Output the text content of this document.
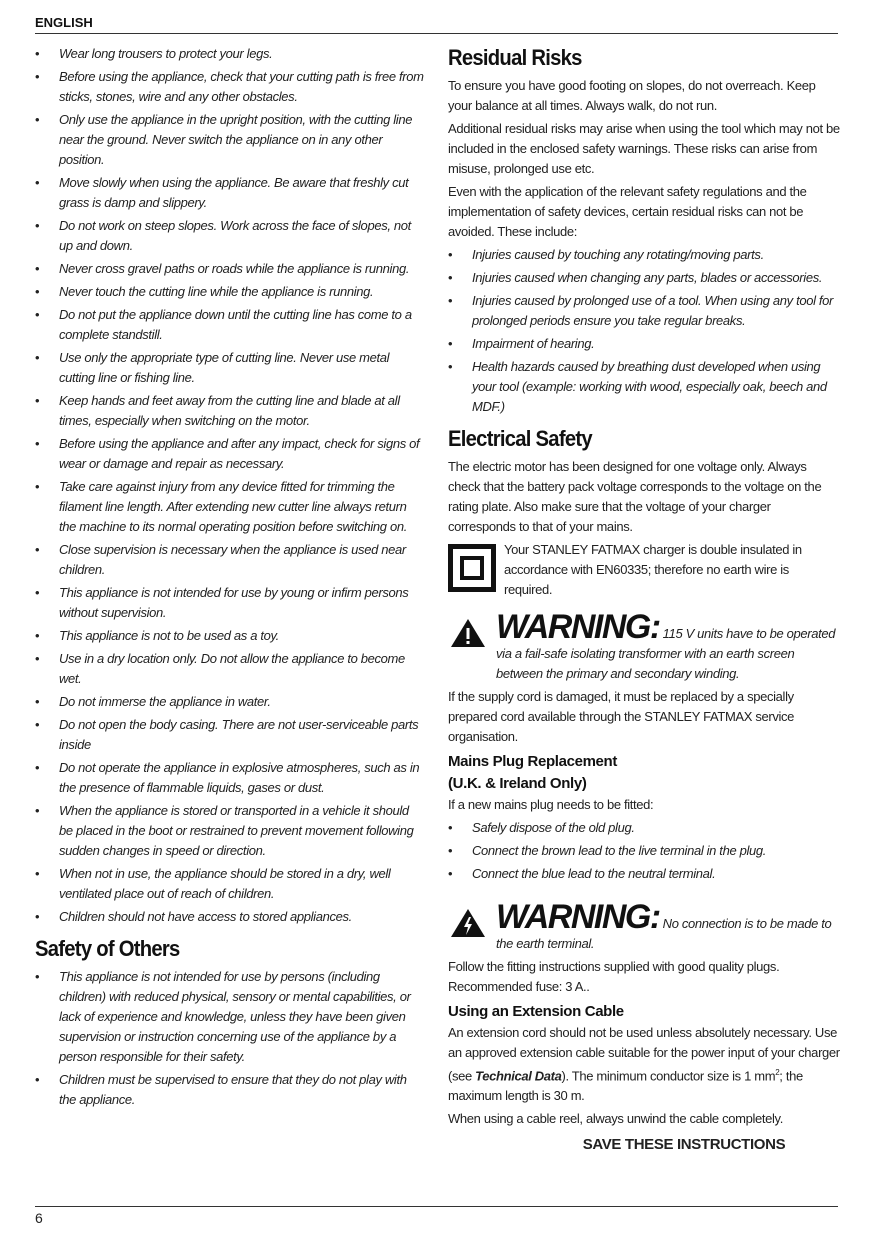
ENGLISH
• Wear long trousers to protect your legs.
• Before using the appliance, check that your cutting path is free from sticks, stones, wire and any other obstacles.
• Only use the appliance in the upright position, with the cutting line near the ground. Never switch the appliance on in any other position.
• Move slowly when using the appliance. Be aware that freshly cut grass is damp and slippery.
• Do not work on steep slopes. Work across the face of slopes, not up and down.
• Never cross gravel paths or roads while the appliance is running.
• Never touch the cutting line while the appliance is running.
• Do not put the appliance down until the cutting line has come to a complete standstill.
• Use only the appropriate type of cutting line. Never use metal cutting line or fishing line.
• Keep hands and feet away from the cutting line and blade at all times, especially when switching on the motor.
• Before using the appliance and after any impact, check for signs of wear or damage and repair as necessary.
• Take care against injury from any device fitted for trimming the filament line length. After extending new cutter line always return the machine to its normal operating position before switching on.
• Close supervision is necessary when the appliance is used near children.
• This appliance is not intended for use by young or infirm persons without supervision.
• This appliance is not to be used as a toy.
• Use in a dry location only. Do not allow the appliance to become wet.
• Do not immerse the appliance in water.
• Do not open the body casing. There are not user-serviceable parts inside
• Do not operate the appliance in explosive atmospheres, such as in the presence of flammable liquids, gases or dust.
• When the appliance is stored or transported in a vehicle it should be placed in the boot or restrained to prevent movement following sudden changes in speed or direction.
• When not in use, the appliance should be stored in a dry, well ventilated place out of reach of children.
• Children should not have access to stored appliances.
Safety of Others
• This appliance is not intended for use by persons (including children) with reduced physical, sensory or mental capabilities, or lack of experience and knowledge, unless they have been given supervision or instruction concerning use of the appliance by a person responsible for their safety.
• Children must be supervised to ensure that they do not play with the appliance.
Residual Risks

To ensure you have good footing on slopes, do not overreach. Keep your balance at all times. Always walk, do not run.

Additional residual risks may arise when using the tool which may not be included in the enclosed safety warnings. These risks can arise from misuse, prolonged use etc.

Even with the application of the relevant safety regulations and the implementation of safety devices, certain residual risks can not be avoided. These include:

• Injuries caused by touching any rotating/moving parts.
• Injuries caused when changing any parts, blades or accessories.
• Injuries caused by prolonged use of a tool. When using any tool for prolonged periods ensure you take regular breaks.
• Impairment of hearing.
• Health hazards caused by breathing dust developed when using your tool (example: working with wood, especially oak, beech and MDF.)
Electrical Safety

The electric motor has been designed for one voltage only. Always check that the battery pack voltage corresponds to the voltage on the rating plate. Also make sure that the voltage of your charger corresponds to that of your mains.

Your STANLEY FATMAX charger is double insulated in accordance with EN60335; therefore no earth wire is required.
WARNING: 115 V units have to be operated via a fail-safe isolating transformer with an earth screen between the primary and secondary winding.

If the supply cord is damaged, it must be replaced by a specially prepared cord available through the STANLEY FATMAX service organisation.

Mains Plug Replacement
(U.K. & Ireland Only)

If a new mains plug needs to be fitted:

• Safely dispose of the old plug.
• Connect the brown lead to the live terminal in the plug.
• Connect the blue lead to the neutral terminal.
WARNING: No connection is to be made to the earth terminal.

Follow the fitting instructions supplied with good quality plugs. Recommended fuse: 3 A..

Using an Extension Cable

An extension cord should not be used unless absolutely necessary. Use an approved extension cable suitable for the power input of your charger (see Technical Data). The minimum conductor size is 1 $mm^2$; the maximum length is 30 m.

When using a cable reel, always unwind the cable completely.

SAVE THESE INSTRUCTIONS
6
